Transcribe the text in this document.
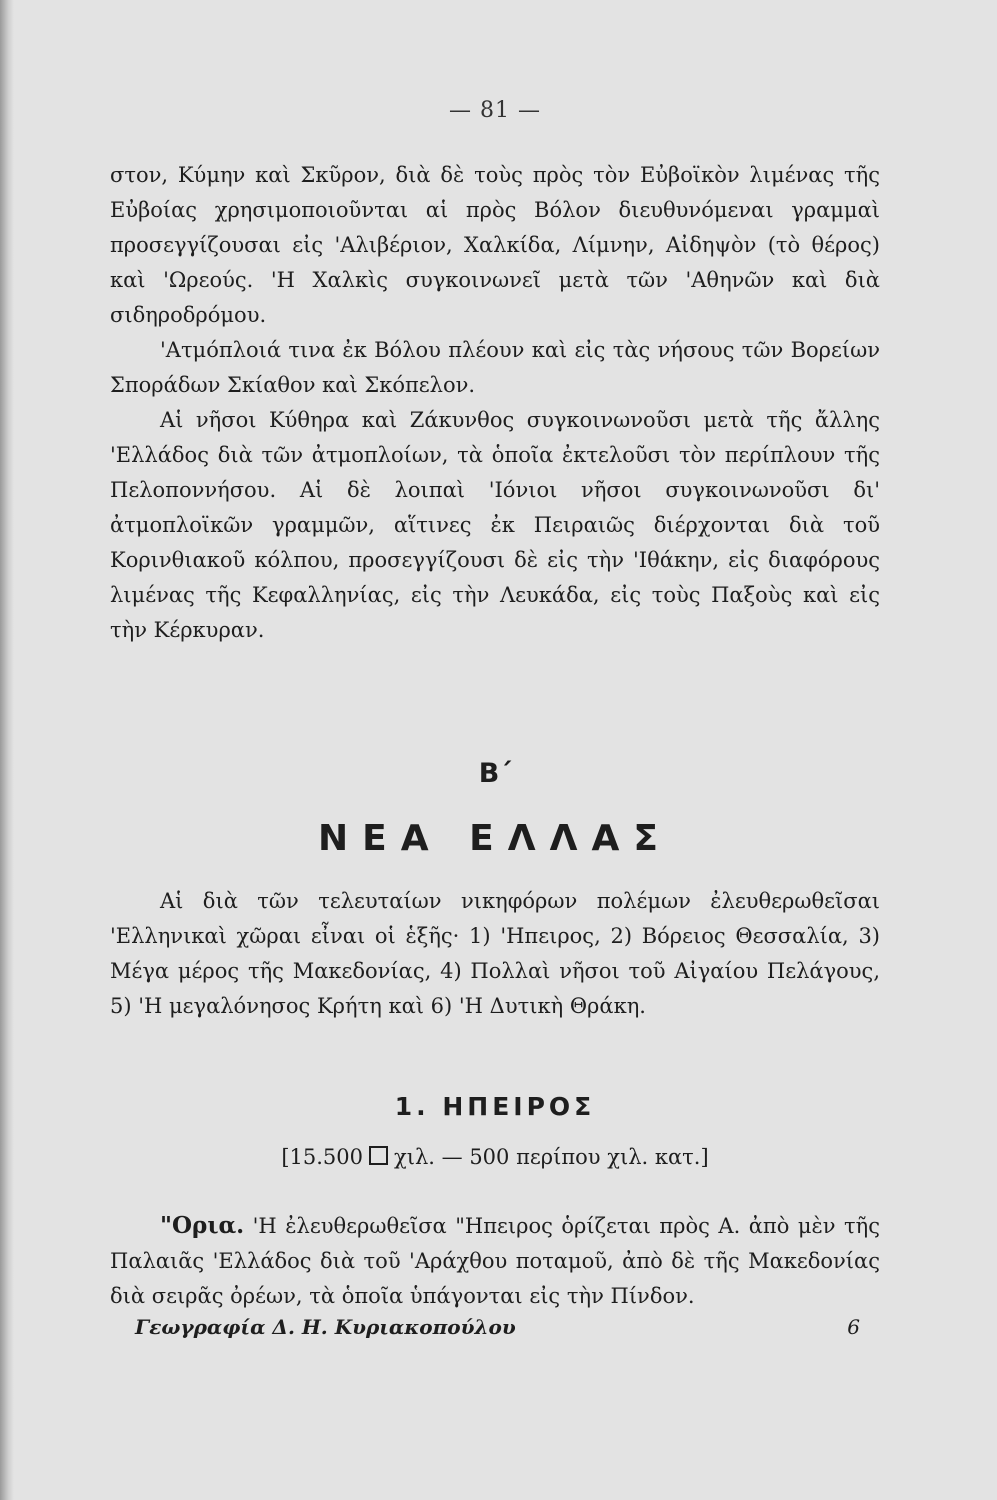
— 81 —

στον, Κύμην καὶ Σκῦρον, διὰ δὲ τοὺς πρὸς τὸν Εὐβοϊκὸν λιμένας τῆς Εὐβοίας χρησιμοποιοῦνται αἱ πρὸς Βόλον διευθυνόμεναι γραμμαὶ προσεγγίζουσαι εἰς 'Αλιβέριον, Χαλκίδα, Λίμνην, Αἰδηψὸν (τὸ θέρος) καὶ 'Ωρεούς. 'Η Χαλκὶς συγκοινωνεῖ μετὰ τῶν 'Αθηνῶν καὶ διὰ σιδηροδρόμου.

'Ατμόπλοιά τινα ἐκ Βόλου πλέουν καὶ εἰς τὰς νήσους τῶν Βορείων Σποράδων Σκίαθον καὶ Σκόπελον.

Αἱ νῆσοι Κύθηρα καὶ Ζάκυνθος συγκοινωνοῦσι μετὰ τῆς ἄλλης 'Ελλάδος διὰ τῶν ἀτμοπλοίων, τὰ ὁποῖα ἐκτελοῦσι τὸν περίπλουν τῆς Πελοποννήσου. Αἱ δὲ λοιπαὶ 'Ιόνιοι νῆσοι συγκοινωνοῦσι δι' ἀτμοπλοϊκῶν γραμμῶν, αἵτινες ἐκ Πειραιῶς διέρχονται διὰ τοῦ Κορινθιακοῦ κόλπου, προσεγγίζουσι δὲ εἰς τὴν 'Ιθάκην, εἰς διαφόρους λιμένας τῆς Κεφαλληνίας, εἰς τὴν Λευκάδα, εἰς τοὺς Παξοὺς καὶ εἰς τὴν Κέρκυραν.

Β΄
ΝΕΑ ΕΛΛΑΣ

Αἱ διὰ τῶν τελευταίων νικηφόρων πολέμων ἐλευθερωθεῖσαι 'Ελληνικαὶ χῶραι εἶναι οἱ ἑξῆς· 1) 'Ηπειρος, 2) Βόρειος Θεσσαλία, 3) Μέγα μέρος τῆς Μακεδονίας, 4) Πολλαὶ νῆσοι τοῦ Αἰγαίου Πελάγους, 5) 'Η μεγαλόνησος Κρήτη καὶ 6) 'Η Δυτικὴ Θράκη.

1. ΗΠΕΙΡΟΣ
[15.500 χιλ. — 500 περίπου χιλ. κατ.]

"Ορια. 'Η ἐλευθερωθεῖσα "Ηπειρος ὁρίζεται πρὸς Α. ἀπὸ μὲν τῆς Παλαιᾶς 'Ελλάδος διὰ τοῦ 'Αράχθου ποταμοῦ, ἀπὸ δὲ τῆς Μακεδονίας διὰ σειρᾶς ὀρέων, τὰ ὁποῖα ὑπάγονται εἰς τὴν Πίνδον.

Γεωγραφία Δ. Η. Κυριακοπούλου	6
